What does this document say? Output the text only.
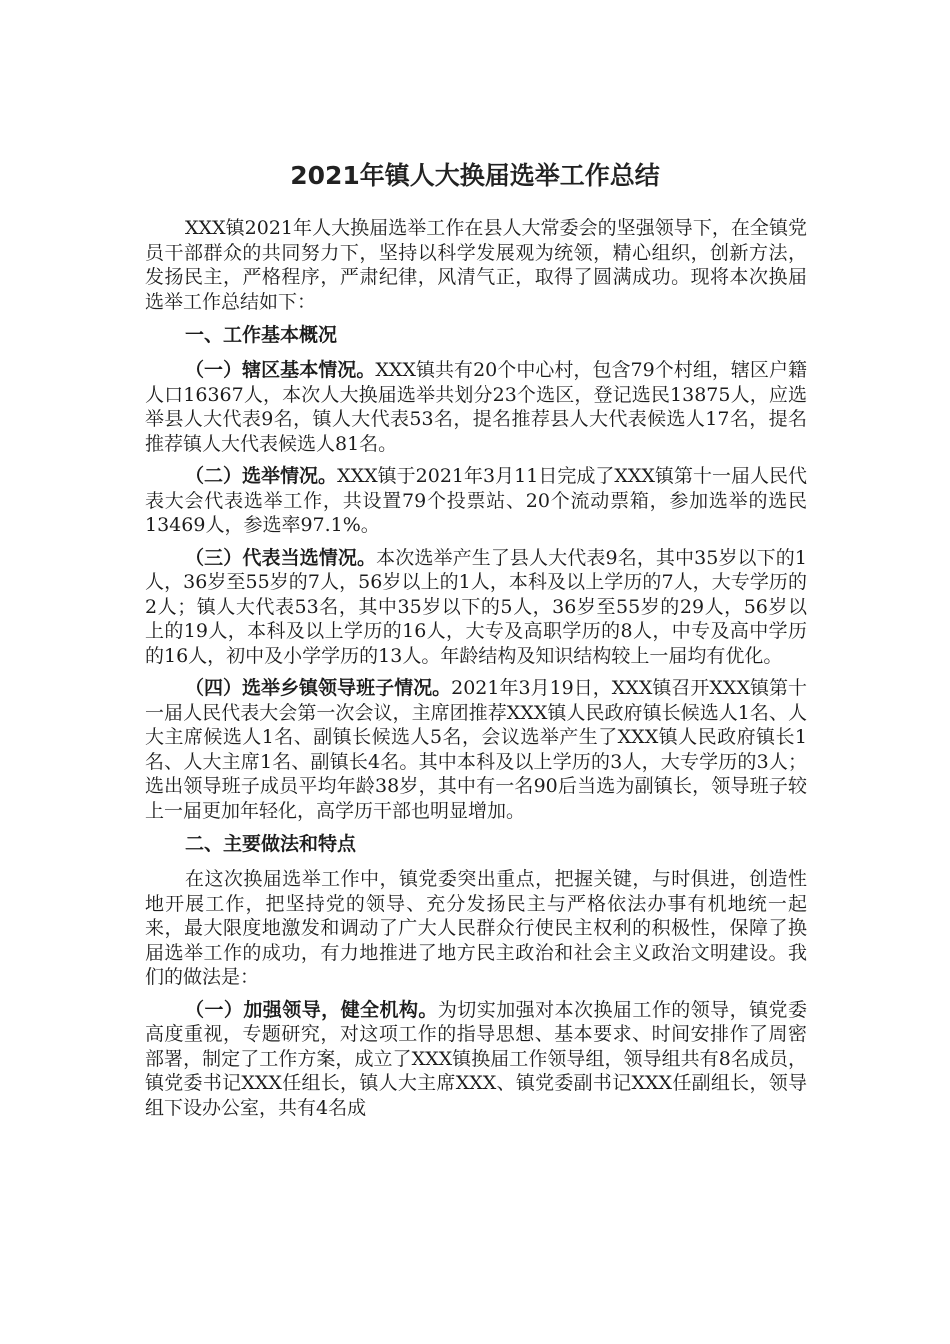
2021年镇人大换届选举工作总结

XXX镇2021年人大换届选举工作在县人大常委会的坚强领导下，在全镇党员干部群众的共同努力下，坚持以科学发展观为统领，精心组织，创新方法，发扬民主，严格程序，严肃纪律，风清气正，取得了圆满成功。现将本次换届选举工作总结如下：

一、工作基本概况

（一）辖区基本情况。XXX镇共有20个中心村，包含79个村组，辖区户籍人口16367人，本次人大换届选举共划分23个选区，登记选民13875人，应选举县人大代表9名，镇人大代表53名，提名推荐县人大代表候选人17名，提名推荐镇人大代表候选人81名。

（二）选举情况。XXX镇于2021年3月11日完成了XXX镇第十一届人民代表大会代表选举工作，共设置79个投票站、20个流动票箱，参加选举的选民13469人，参选率97.1%。

（三）代表当选情况。本次选举产生了县人大代表9名，其中35岁以下的1人，36岁至55岁的7人，56岁以上的1人，本科及以上学历的7人，大专学历的2人；镇人大代表53名，其中35岁以下的5人，36岁至55岁的29人，56岁以上的19人，本科及以上学历的16人，大专及高职学历的8人，中专及高中学历的16人，初中及小学学历的13人。年龄结构及知识结构较上一届均有优化。

（四）选举乡镇领导班子情况。2021年3月19日，XXX镇召开XXX镇第十一届人民代表大会第一次会议，主席团推荐XXX镇人民政府镇长候选人1名、人大主席候选人1名、副镇长候选人5名，会议选举产生了XXX镇人民政府镇长1名、人大主席1名、副镇长4名。其中本科及以上学历的3人，大专学历的3人；选出领导班子成员平均年龄38岁，其中有一名90后当选为副镇长，领导班子较上一届更加年轻化，高学历干部也明显增加。

二、主要做法和特点

在这次换届选举工作中，镇党委突出重点，把握关键，与时俱进，创造性地开展工作，把坚持党的领导、充分发扬民主与严格依法办事有机地统一起来，最大限度地激发和调动了广大人民群众行使民主权利的积极性，保障了换届选举工作的成功，有力地推进了地方民主政治和社会主义政治文明建设。我们的做法是：

（一）加强领导，健全机构。为切实加强对本次换届工作的领导，镇党委高度重视，专题研究，对这项工作的指导思想、基本要求、时间安排作了周密部署，制定了工作方案，成立了XXX镇换届工作领导组，领导组共有8名成员，镇党委书记XXX任组长，镇人大主席XXX、镇党委副书记XXX任副组长，领导组下设办公室，共有4名成
